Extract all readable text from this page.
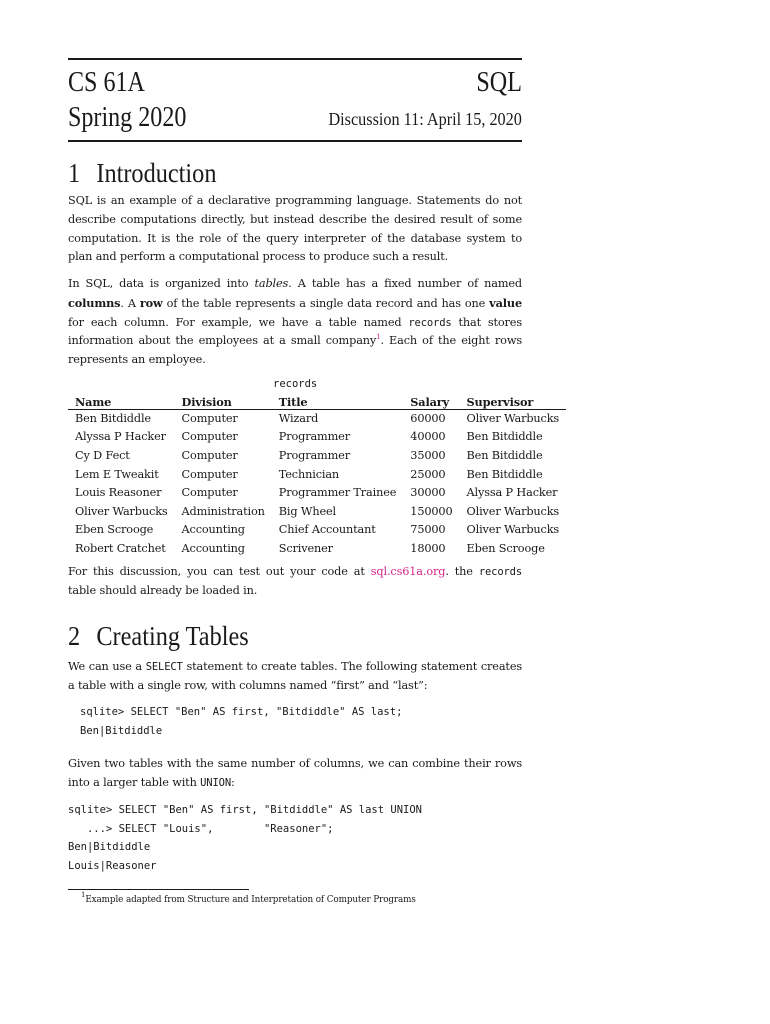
CS 61A	SQL
Spring 2020	Discussion 11: April 15, 2020
1 Introduction

SQL is an example of a declarative programming language. Statements do not describe computations directly, but instead describe the desired result of some computation. It is the role of the query interpreter of the database system to plan and perform a computational process to produce such a result.

In SQL, data is organized into tables. A table has a fixed number of named columns. A row of the table represents a single data record and has one value for each column. For example, we have a table named records that stores information about the employees at a small company$^1$. Each of the eight rows represents an employee.

records
Name	Division	Title	Salary	Supervisor
Ben Bitdiddle	Computer	Wizard	60000	Oliver Warbucks
Alyssa P Hacker	Computer	Programmer	40000	Ben Bitdiddle
Cy D Fect	Computer	Programmer	35000	Ben Bitdiddle
Lem E Tweakit	Computer	Technician	25000	Ben Bitdiddle
Louis Reasoner	Computer	Programmer Trainee	30000	Alyssa P Hacker
Oliver Warbucks	Administration	Big Wheel	150000	Oliver Warbucks
Eben Scrooge	Accounting	Chief Accountant	75000	Oliver Warbucks
Robert Cratchet	Accounting	Scrivener	18000	Eben Scrooge

For this discussion, you can test out your code at sql.cs61a.org. the records table should already be loaded in.

2 Creating Tables

We can use a SELECT statement to create tables. The following statement creates a table with a single row, with columns named “first” and “last”:

sqlite> SELECT "Ben" AS first, "Bitdiddle" AS last;
Ben|Bitdiddle

Given two tables with the same number of columns, we can combine their rows into a larger table with UNION:

sqlite> SELECT "Ben" AS first, "Bitdiddle" AS last UNION
...> SELECT "Louis",        "Reasoner";
Ben|Bitdiddle
Louis|Reasoner
$^1$Example adapted from Structure and Interpretation of Computer Programs
